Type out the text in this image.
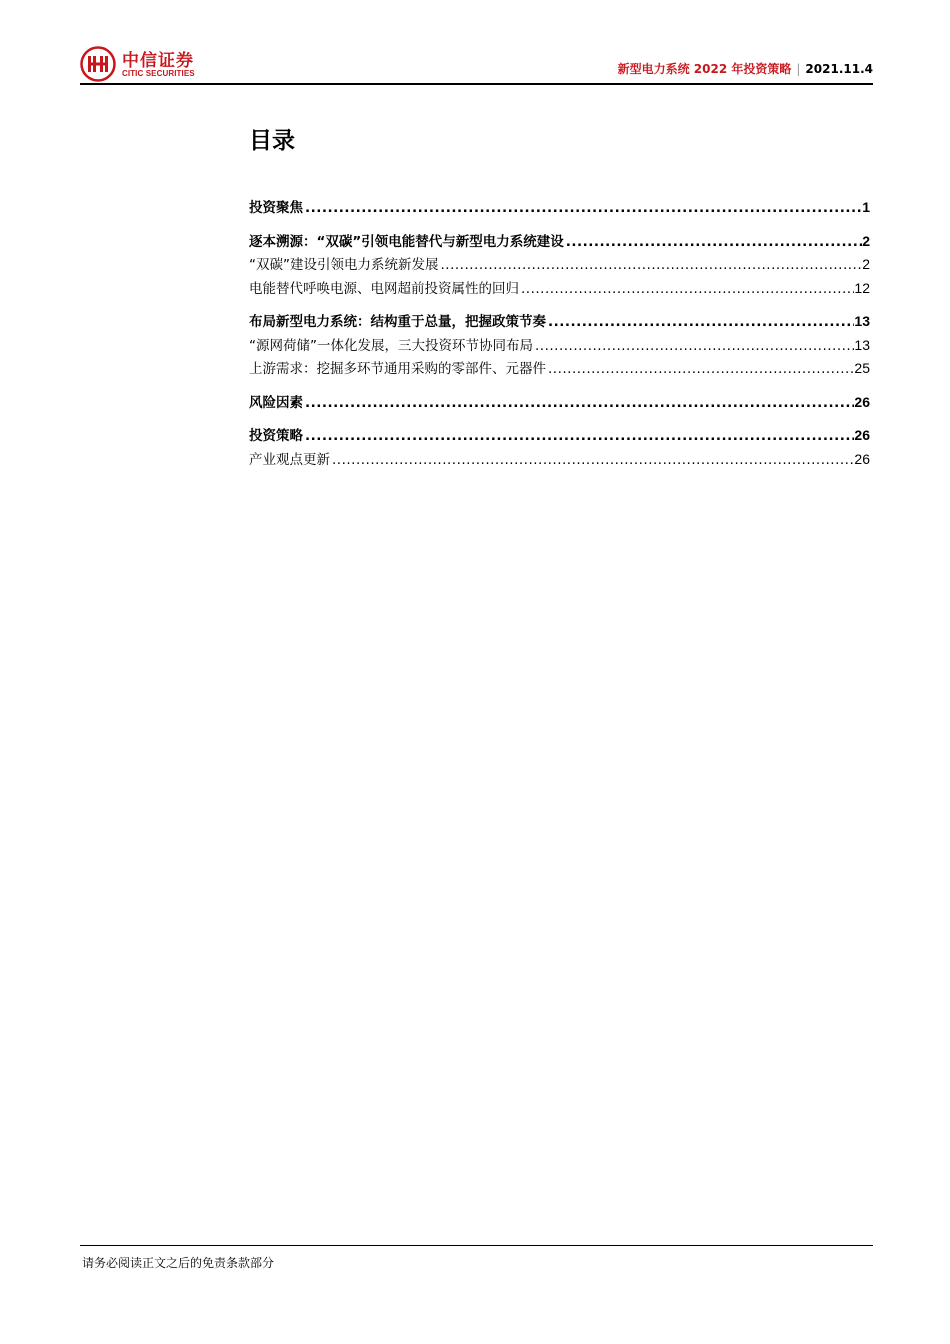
中信证券
CITIC SECURITIES	新型电力系统 2022 年投资策略 | 2021.11.4
目录
投资聚焦 .....	1
逐本溯源：“双碳”引领电能替代与新型电力系统建设 .....	2
“双碳”建设引领电力系统新发展 .....	2
电能替代呼唤电源、电网超前投资属性的回归 .....	12
布局新型电力系统：结构重于总量，把握政策节奏 .....	13
“源网荷储”一体化发展，三大投资环节协同布局 .....	13
上游需求：挖掘多环节通用采购的零部件、元器件 .....	25
风险因素 .....	26
投资策略 .....	26
产业观点更新 .....	26
请务必阅读正文之后的免责条款部分
